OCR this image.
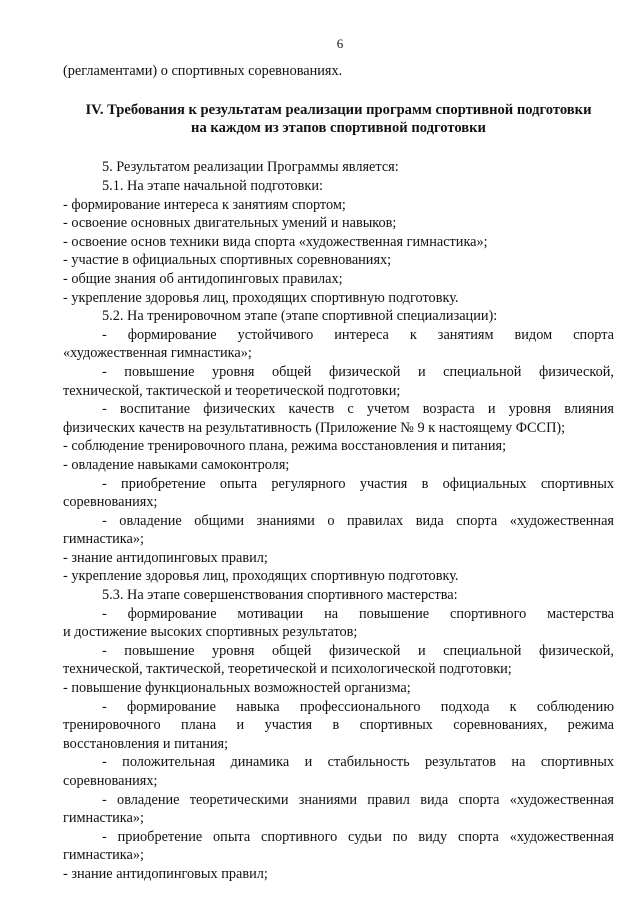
6
(регламентами) о спортивных соревнованиях.
IV. Требования к результатам реализации программ спортивной подготовки
на каждом из этапов спортивной подготовки
5. Результатом реализации Программы является:
5.1. На этапе начальной подготовки:
- формирование интереса к занятиям спортом;
- освоение основных двигательных умений и навыков;
- освоение основ техники вида спорта «художественная гимнастика»;
- участие в официальных спортивных соревнованиях;
- общие знания об антидопинговых правилах;
- укрепление здоровья лиц, проходящих спортивную подготовку.
5.2. На тренировочном этапе (этапе спортивной специализации):
- формирование устойчивого интереса к занятиям видом спорта
«художественная гимнастика»;
- повышение уровня общей физической и специальной физической,
технической, тактической и теоретической подготовки;
- воспитание физических качеств с учетом возраста и уровня влияния
физических качеств на результативность (Приложение № 9 к настоящему ФССП);
- соблюдение тренировочного плана, режима восстановления и питания;
- овладение навыками самоконтроля;
- приобретение опыта регулярного участия в официальных спортивных
соревнованиях;
- овладение общими знаниями о правилах вида спорта «художественная
гимнастика»;
- знание антидопинговых правил;
- укрепление здоровья лиц, проходящих спортивную подготовку.
5.3. На этапе совершенствования спортивного мастерства:
- формирование мотивации на повышение спортивного мастерства
и достижение высоких спортивных результатов;
- повышение уровня общей физической и специальной физической,
технической, тактической, теоретической и психологической подготовки;
- повышение функциональных возможностей организма;
- формирование навыка профессионального подхода к соблюдению
тренировочного плана и участия в спортивных соревнованиях, режима
восстановления и питания;
- положительная динамика и стабильность результатов на спортивных
соревнованиях;
- овладение теоретическими знаниями правил вида спорта «художественная
гимнастика»;
- приобретение опыта спортивного судьи по виду спорта «художественная
гимнастика»;
- знание антидопинговых правил;
